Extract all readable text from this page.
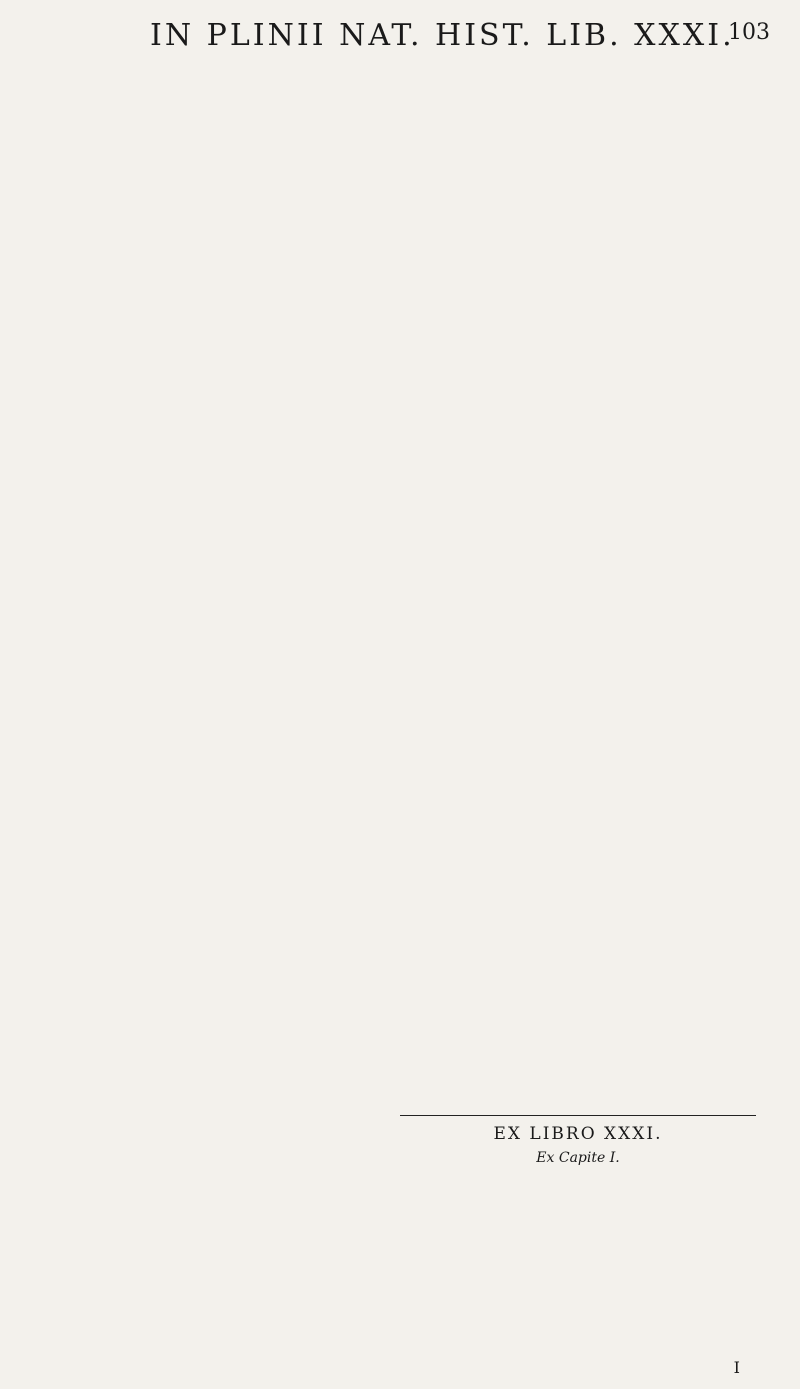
IN PLINII NAT. HIST. LIB. XXXI.
103
EX LIBRO XXXI.
Ex Capite I.
I
